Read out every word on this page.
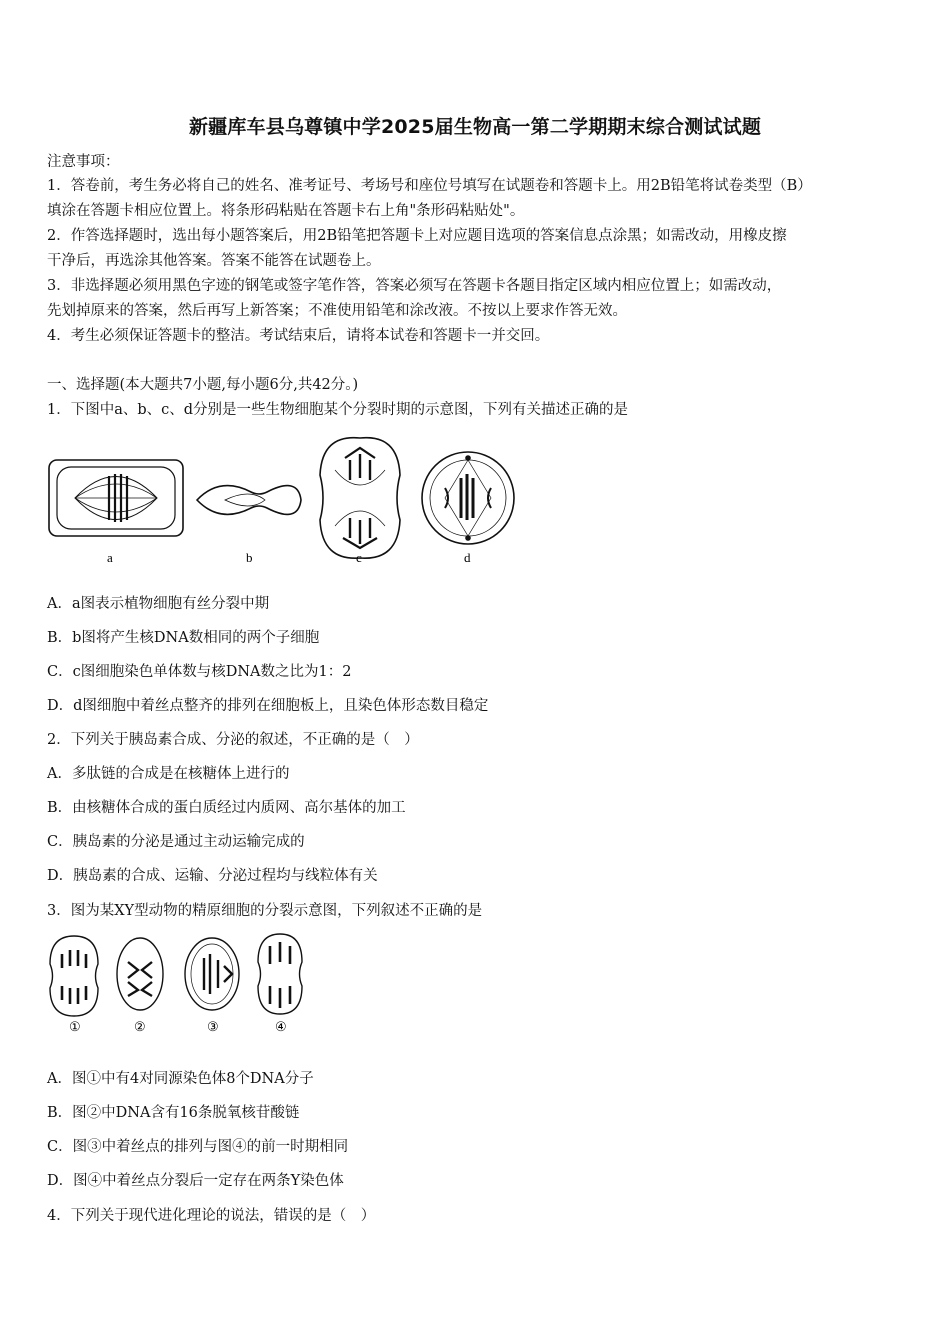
新疆库车县乌尊镇中学2025届生物高一第二学期期末综合测试试题
注意事项：
1．答卷前，考生务必将自己的姓名、准考证号、考场号和座位号填写在试题卷和答题卡上。用2B铅笔将试卷类型（B）
填涂在答题卡相应位置上。将条形码粘贴在答题卡右上角"条形码粘贴处"。
2．作答选择题时，选出每小题答案后，用2B铅笔把答题卡上对应题目选项的答案信息点涂黑；如需改动，用橡皮擦
干净后，再选涂其他答案。答案不能答在试题卷上。
3．非选择题必须用黑色字迹的钢笔或签字笔作答，答案必须写在答题卡各题目指定区域内相应位置上；如需改动，
先划掉原来的答案，然后再写上新答案；不准使用铅笔和涂改液。不按以上要求作答无效。
4．考生必须保证答题卡的整洁。考试结束后，请将本试卷和答题卡一并交回。
一、选择题(本大题共7小题,每小题6分,共42分。)
1．下图中a、b、c、d分别是一些生物细胞某个分裂时期的示意图，下列有关描述正确的是
a	b	c	d
A．a图表示植物细胞有丝分裂中期
B．b图将产生核DNA数相同的两个子细胞
C．c图细胞染色单体数与核DNA数之比为1：2
D．d图细胞中着丝点整齐的排列在细胞板上，且染色体形态数目稳定
2．下列关于胰岛素合成、分泌的叙述，不正确的是（　）
A．多肽链的合成是在核糖体上进行的
B．由核糖体合成的蛋白质经过内质网、高尔基体的加工
C．胰岛素的分泌是通过主动运输完成的
D．胰岛素的合成、运输、分泌过程均与线粒体有关
3．图为某XY型动物的精原细胞的分裂示意图，下列叙述不正确的是
①	②	③	④
A．图①中有4对同源染色体8个DNA分子
B．图②中DNA含有16条脱氧核苷酸链
C．图③中着丝点的排列与图④的前一时期相同
D．图④中着丝点分裂后一定存在两条Y染色体
4．下列关于现代进化理论的说法，错误的是（　）
